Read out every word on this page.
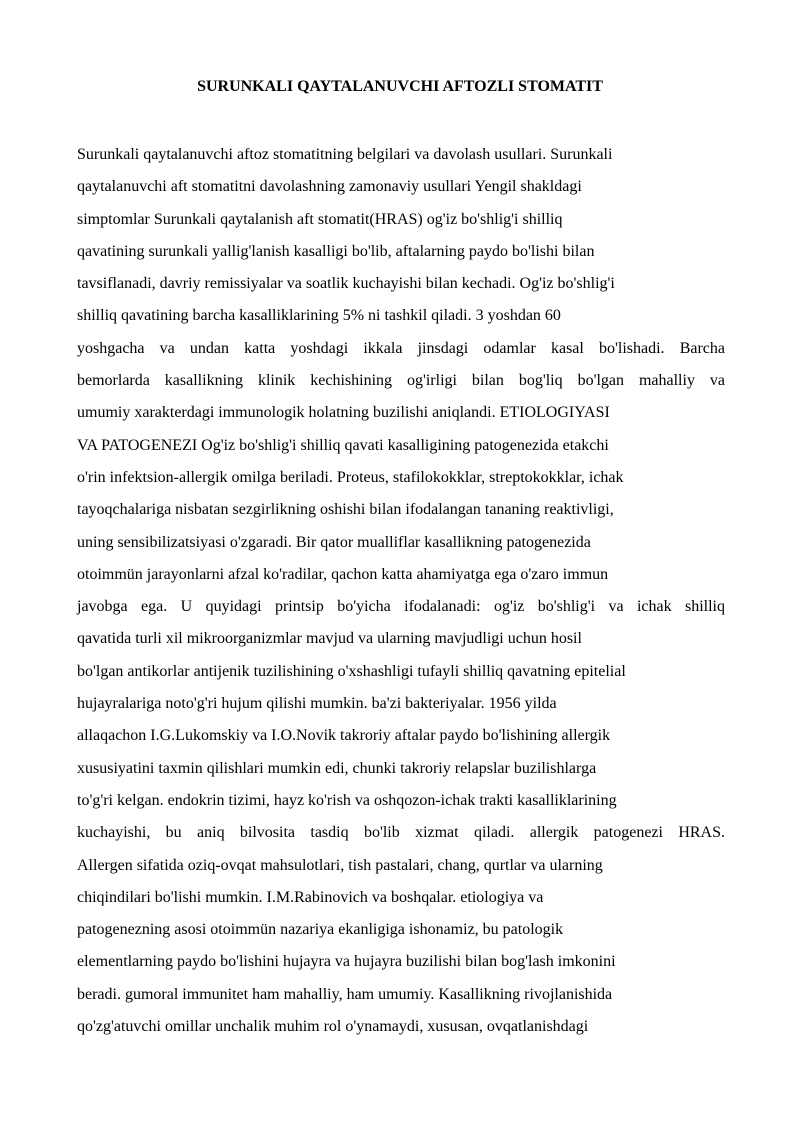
SURUNKALI QAYTALANUVCHI AFTOZLI STOMATIT
Surunkali qaytalanuvchi aftoz stomatitning belgilari va davolash usullari. Surunkali
qaytalanuvchi aft stomatitni davolashning zamonaviy usullari Yengil shakldagi
simptomlar Surunkali qaytalanish aft stomatit(HRAS) og'iz bo'shlig'i shilliq
qavatining surunkali yallig'lanish kasalligi bo'lib, aftalarning paydo bo'lishi bilan
tavsiflanadi, davriy remissiyalar va soatlik kuchayishi bilan kechadi. Og'iz bo'shlig'i
shilliq qavatining barcha kasalliklarining 5% ni tashkil qiladi. 3 yoshdan 60
yoshgacha va undan katta yoshdagi ikkala jinsdagi odamlar kasal bo'lishadi. Barcha
bemorlarda kasallikning klinik kechishining og'irligi bilan bog'liq bo'lgan mahalliy va
umumiy xarakterdagi immunologik holatning buzilishi aniqlandi. ETIOLOGIYASI
VA PATOGENEZI Og'iz bo'shlig'i shilliq qavati kasalligining patogenezida etakchi
o'rin infektsion-allergik omilga beriladi. Proteus, stafilokokklar, streptokokklar, ichak
tayoqchalariga nisbatan sezgirlikning oshishi bilan ifodalangan tananing reaktivligi,
uning sensibilizatsiyasi o'zgaradi. Bir qator mualliflar kasallikning patogenezida
otoimmün jarayonlarni afzal ko'radilar, qachon katta ahamiyatga ega o'zaro immun
javobga ega. U quyidagi printsip bo'yicha ifodalanadi: og'iz bo'shlig'i va ichak shilliq
qavatida turli xil mikroorganizmlar mavjud va ularning mavjudligi uchun hosil
bo'lgan antikorlar antijenik tuzilishining o'xshashligi tufayli shilliq qavatning epitelial
hujayralariga noto'g'ri hujum qilishi mumkin. ba'zi bakteriyalar. 1956 yilda
allaqachon I.G.Lukomskiy va I.O.Novik takroriy aftalar paydo bo'lishining allergik
xususiyatini taxmin qilishlari mumkin edi, chunki takroriy relapslar buzilishlarga
to'g'ri kelgan. endokrin tizimi, hayz ko'rish va oshqozon-ichak trakti kasalliklarining
kuchayishi, bu aniq bilvosita tasdiq bo'lib xizmat qiladi. allergik patogenezi HRAS.
Allergen sifatida oziq-ovqat mahsulotlari, tish pastalari, chang, qurtlar va ularning
chiqindilari bo'lishi mumkin. I.M.Rabinovich va boshqalar. etiologiya va
patogenezning asosi otoimmün nazariya ekanligiga ishonamiz, bu patologik
elementlarning paydo bo'lishini hujayra va hujayra buzilishi bilan bog'lash imkonini
beradi. gumoral immunitet ham mahalliy, ham umumiy. Kasallikning rivojlanishida
qo'zg'atuvchi omillar unchalik muhim rol o'ynamaydi, xususan, ovqatlanishdagi
